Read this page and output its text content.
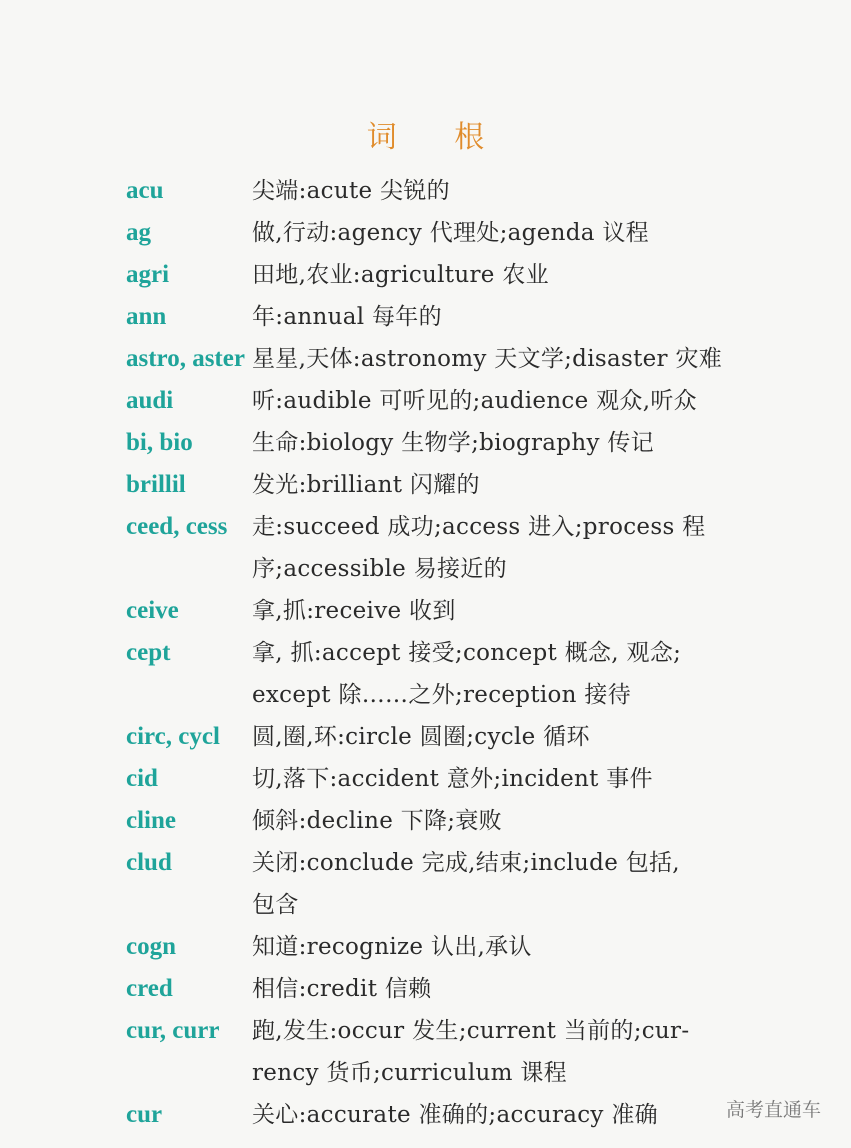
词 根
acu	尖端:acute 尖锐的
ag	做,行动:agency 代理处;agenda 议程
agri	田地,农业:agriculture 农业
ann	年:annual 每年的
astro, aster 星星,天体:astronomy 天文学;disaster 灾难
audi	听:audible 可听见的;audience 观众,听众
bi, bio	生命:biology 生物学;biography 传记
brillil	发光:brilliant 闪耀的
ceed, cess 走:succeed 成功;access 进入;process 程
序;accessible 易接近的
ceive	拿,抓:receive 收到
cept	拿, 抓:accept 接受;concept 概念, 观念;
except 除……之外;reception 接待
circ, cycl 圆,圈,环:circle 圆圈;cycle 循环
cid	切,落下:accident 意外;incident 事件
cline	倾斜:decline 下降;衰败
clud	关闭:conclude 完成,结束;include 包括,
包含
cogn	知道:recognize 认出,承认
cred	相信:credit 信赖
cur, curr 跑,发生:occur 发生;current 当前的;cur-
rency 货币;curriculum 课程
cur	关心:accurate 准确的;accuracy 准确	高考直通车
